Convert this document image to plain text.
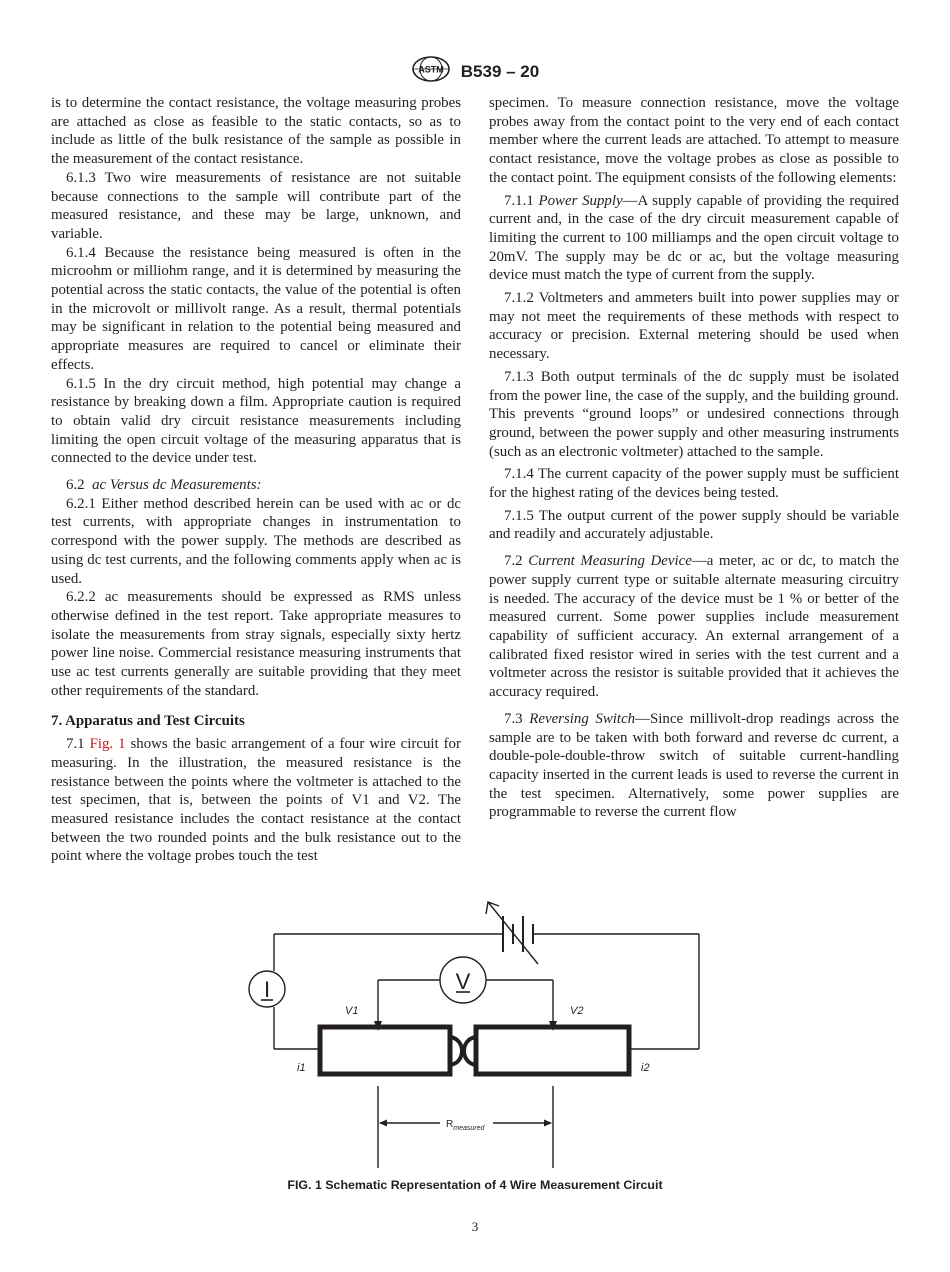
ASTM B539 – 20

is to determine the contact resistance, the voltage measuring probes are attached as close as feasible to the static contacts, so as to include as little of the bulk resistance of the sample as possible in the measurement of the contact resistance.

6.1.3 Two wire measurements of resistance are not suitable because connections to the sample will contribute part of the measured resistance, and these may be large, unknown, and variable.

6.1.4 Because the resistance being measured is often in the microohm or milliohm range, and it is determined by measuring the potential across the static contacts, the value of the potential is often in the microvolt or millivolt range. As a result, thermal potentials may be significant in relation to the potential being measured and appropriate measures are required to cancel or eliminate their effects.

6.1.5 In the dry circuit method, high potential may change a resistance by breaking down a film. Appropriate caution is required to obtain valid dry circuit resistance measurements including limiting the open circuit voltage of the measuring apparatus that is connected to the device under test.

6.2 ac Versus dc Measurements:

6.2.1 Either method described herein can be used with ac or dc test currents, with appropriate changes in instrumentation to correspond with the power supply. The methods are described as using dc test currents, and the following comments apply when ac is used.

6.2.2 ac measurements should be expressed as RMS unless otherwise defined in the test report. Take appropriate measures to isolate the measurements from stray signals, especially sixty hertz power line noise. Commercial resistance measuring instruments that use ac test currents generally are suitable providing that they meet other requirements of the standard.

7. Apparatus and Test Circuits

7.1 Fig. 1 shows the basic arrangement of a four wire circuit for measuring. In the illustration, the measured resistance is the resistance between the points where the voltmeter is attached to the test specimen, that is, between the points of V1 and V2. The measured resistance includes the contact resistance at the contact between the two rounded points and the bulk resistance out to the point where the voltage probes touch the test

specimen. To measure connection resistance, move the voltage probes away from the contact point to the very end of each contact member where the current leads are attached. To attempt to measure contact resistance, move the voltage probes as close as possible to the contact point. The equipment consists of the following elements:

7.1.1 Power Supply—A supply capable of providing the required current and, in the case of the dry circuit measurement capable of limiting the current to 100 milliamps and the open circuit voltage to 20mV. The supply may be dc or ac, but the voltage measuring device must match the type of current from the supply.

7.1.2 Voltmeters and ammeters built into power supplies may or may not meet the requirements of these methods with respect to accuracy or precision. External metering should be used when necessary.

7.1.3 Both output terminals of the dc supply must be isolated from the power line, the case of the supply, and the building ground. This prevents “ground loops” or undesired connections through ground, between the power supply and other measuring instruments (such as an electronic voltmeter) attached to the sample.

7.1.4 The current capacity of the power supply must be sufficient for the highest rating of the devices being tested.

7.1.5 The output current of the power supply should be variable and readily and accurately adjustable.

7.2 Current Measuring Device—a meter, ac or dc, to match the power supply current type or suitable alternate measuring circuitry is needed. The accuracy of the device must be 1 % or better of the measured current. Some power supplies include measurement capability of sufficient accuracy. An external arrangement of a calibrated fixed resistor wired in series with the test current and a voltmeter across the resistor is suitable provided that it achieves the accuracy required.

7.3 Reversing Switch—Since millivolt-drop readings across the sample are to be taken with both forward and reverse dc current, a double-pole-double-throw switch of suitable current-handling capacity inserted in the current leads is used to reverse the current in the test specimen. Alternatively, some power supplies are programmable to reverse the current flow

I	V
V1	V2
i1	i2
$R_{measured}$
FIG. 1 Schematic Representation of 4 Wire Measurement Circuit
3
